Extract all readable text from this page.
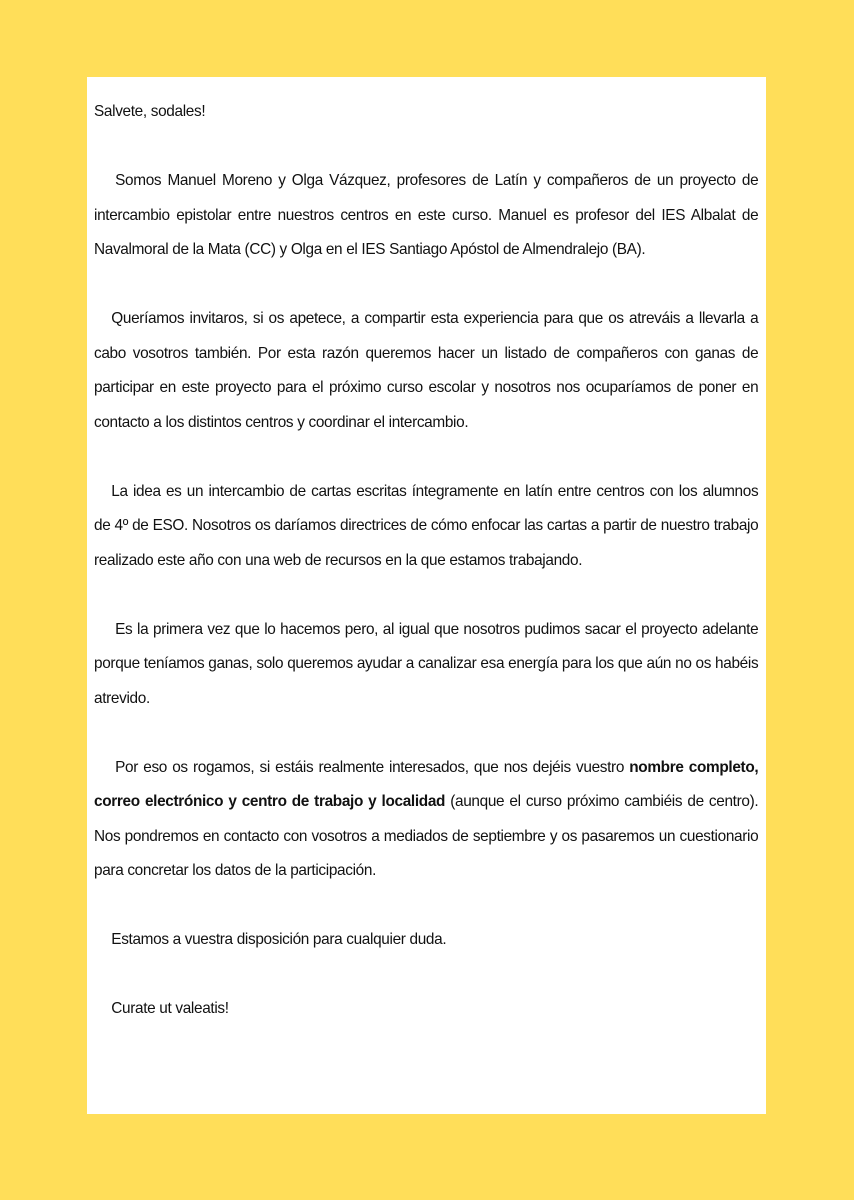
Salvete, sodales!

Somos Manuel Moreno y Olga Vázquez, profesores de Latín y compañeros de un proyecto de intercambio epistolar entre nuestros centros en este curso. Manuel es profesor del IES Albalat de Navalmoral de la Mata (CC) y Olga en el IES Santiago Apóstol de Almendralejo (BA).

Queríamos invitaros, si os apetece, a compartir esta experiencia para que os atreváis a llevarla a cabo vosotros también. Por esta razón queremos hacer un listado de compañeros con ganas de participar en este proyecto para el próximo curso escolar y nosotros nos ocuparíamos de poner en contacto a los distintos centros y coordinar el intercambio.

La idea es un intercambio de cartas escritas íntegramente en latín entre centros con los alumnos de 4º de ESO. Nosotros os daríamos directrices de cómo enfocar las cartas a partir de nuestro trabajo realizado este año con una web de recursos en la que estamos trabajando.

Es la primera vez que lo hacemos pero, al igual que nosotros pudimos sacar el proyecto adelante porque teníamos ganas, solo queremos ayudar a canalizar esa energía para los que aún no os habéis atrevido.

Por eso os rogamos, si estáis realmente interesados, que nos dejéis vuestro nombre completo, correo electrónico y centro de trabajo y localidad (aunque el curso próximo cambiéis de centro). Nos pondremos en contacto con vosotros a mediados de septiembre y os pasaremos un cuestionario para concretar los datos de la participación.

Estamos a vuestra disposición para cualquier duda.

Curate ut valeatis!
